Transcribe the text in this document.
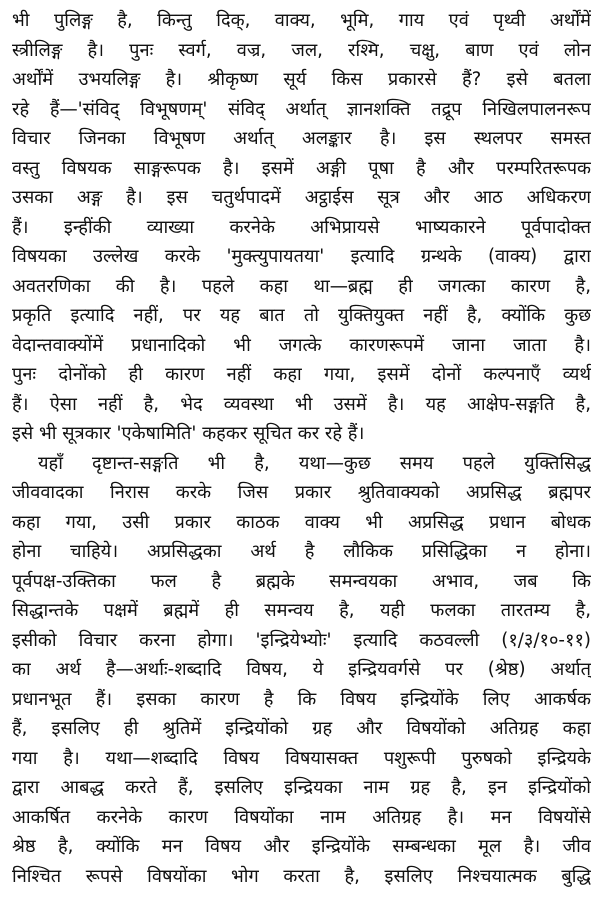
भी पुलिङ्ग है, किन्तु दिक्, वाक्य, भूमि, गाय एवं पृथ्वी अर्थोंमें
स्त्रीलिङ्ग है। पुनः स्वर्ग, वज्र, जल, रश्मि, चक्षु, बाण एवं लोन
अर्थोंमें उभयलिङ्ग है। श्रीकृष्ण सूर्य किस प्रकारसे हैं? इसे बतला
रहे हैं—'संविद् विभूषणम्' संविद् अर्थात् ज्ञानशक्ति तद्रूप निखिलपालनरूप
विचार जिनका विभूषण अर्थात् अलङ्कार है। इस स्थलपर समस्त
वस्तु विषयक साङ्गरूपक है। इसमें अङ्गी पूषा है और परम्परितरूपक
उसका अङ्ग है। इस चतुर्थपादमें अट्ठाईस सूत्र और आठ अधिकरण
हैं। इन्हींकी व्याख्या करनेके अभिप्रायसे भाष्यकारने पूर्वपादोक्त
विषयका उल्लेख करके 'मुक्त्युपायतया' इत्यादि ग्रन्थके (वाक्य) द्वारा
अवतरणिका की है। पहले कहा था—ब्रह्म ही जगत्का कारण है,
प्रकृति इत्यादि नहीं, पर यह बात तो युक्तियुक्त नहीं है, क्योंकि कुछ
वेदान्तवाक्योंमें प्रधानादिको भी जगत्के कारणरूपमें जाना जाता है।
पुनः दोनोंको ही कारण नहीं कहा गया, इसमें दोनों कल्पनाएँ व्यर्थ
हैं। ऐसा नहीं है, भेद व्यवस्था भी उसमें है। यह आक्षेप-सङ्गति है,
इसे भी सूत्रकार 'एकेषामिति' कहकर सूचित कर रहे हैं।
यहाँ दृष्टान्त-सङ्गति भी है, यथा—कुछ समय पहले युक्तिसिद्ध
जीववादका निरास करके जिस प्रकार श्रुतिवाक्यको अप्रसिद्ध ब्रह्मपर
कहा गया, उसी प्रकार काठक वाक्य भी अप्रसिद्ध प्रधान बोधक
होना चाहिये। अप्रसिद्धका अर्थ है लौकिक प्रसिद्धिका न होना।
पूर्वपक्ष-उक्तिका फल है ब्रह्मके समन्वयका अभाव, जब कि
सिद्धान्तके पक्षमें ब्रह्ममें ही समन्वय है, यही फलका तारतम्य है,
इसीको विचार करना होगा। 'इन्द्रियेभ्योः' इत्यादि कठवल्ली (१/३/१०-११)
का अर्थ है—अर्थाः-शब्दादि विषय, ये इन्द्रियवर्गसे पर (श्रेष्ठ) अर्थात्
प्रधानभूत हैं। इसका कारण है कि विषय इन्द्रियोंके लिए आकर्षक
हैं, इसलिए ही श्रुतिमें इन्द्रियोंको ग्रह और विषयोंको अतिग्रह कहा
गया है। यथा—शब्दादि विषय विषयासक्त पशुरूपी पुरुषको इन्द्रियके
द्वारा आबद्ध करते हैं, इसलिए इन्द्रियका नाम ग्रह है, इन इन्द्रियोंको
आकर्षित करनेके कारण विषयोंका नाम अतिग्रह है। मन विषयोंसे
श्रेष्ठ है, क्योंकि मन विषय और इन्द्रियोंके सम्बन्धका मूल है। जीव
निश्चित रूपसे विषयोंका भोग करता है, इसलिए निश्चयात्मक बुद्धि
